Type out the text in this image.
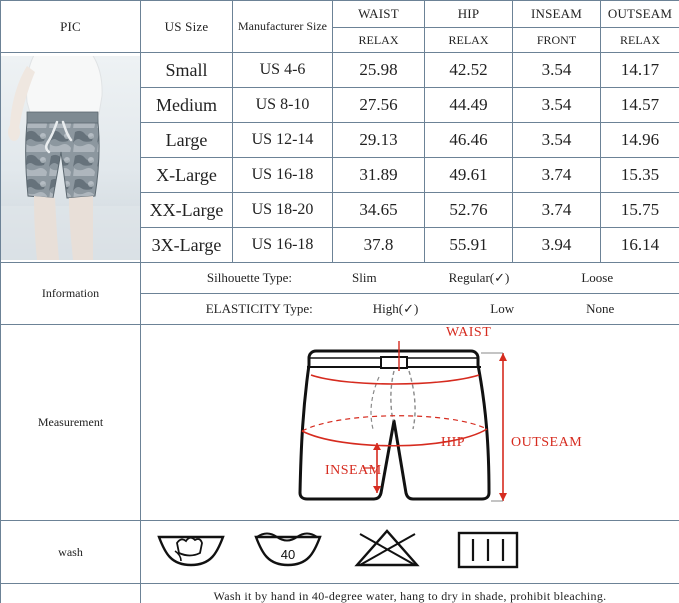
PIC	US Size	Manufacturer Size	WAIST	HIP	INSEAM	OUTSEAM
			RELAX	RELAX	FRONT	RELAX

	Small	US 4-6	25.98	42.52	3.54	14.17
	Medium	US 8-10	27.56	44.49	3.54	14.57
	Large	US 12-14	29.13	46.46	3.54	14.96
	X-Large	US 16-18	31.89	49.61	3.74	15.35
	XX-Large	US 18-20	34.65	52.76	3.74	15.75
	3X-Large	US 16-18	37.8	55.91	3.94	16.14
Information	Silhouette Type: Slim Regular(✓) Loose					
	ELASTICITY Type: High(✓) Low None					
Measurement	WAIST
HIP
INSEAM
OUTSEAM					

wash	40					

	Wash it by hand in 40-degree water, hang to dry in shade, prohibit bleaching.					
